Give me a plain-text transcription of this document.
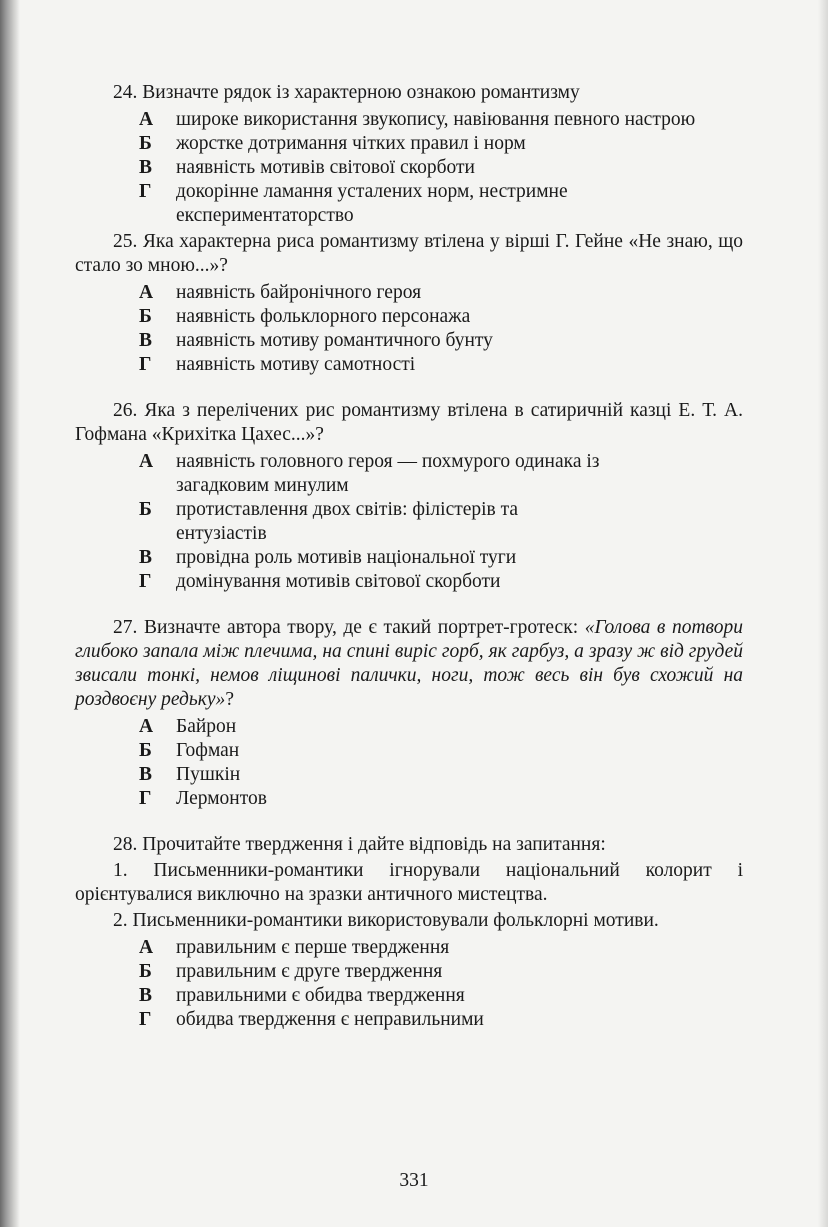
24. Визначте рядок із характерною ознакою романтизму

А	широке використання звукопису, навіювання певного настрою
Б	жорстке дотримання чітких правил і норм
В	наявність мотивів світової скорботи
Г	докорінне ламання усталених норм, нестримне експериментаторство

25. Яка характерна риса романтизму втілена у вірші Г. Гейне «Не знаю, що стало зо мною...»?

А	наявність байронічного героя
Б	наявність фольклорного персонажа
В	наявність мотиву романтичного бунту
Г	наявність мотиву самотності

26. Яка з перелічених рис романтизму втілена в сатиричній казці Е. Т. А. Гофмана «Крихітка Цахес...»?

А	наявність головного героя — похмурого одинака із загадковим минулим
Б	протиставлення двох світів: філістерів та ентузіастів
В	провідна роль мотивів національної туги
Г	домінування мотивів світової скорботи

27. Визначте автора твору, де є такий портрет-гротеск: «Голова в потвори глибоко запала між плечима, на спині виріс горб, як гарбуз, а зразу ж від грудей звисали тонкі, немов ліщинові палички, ноги, тож весь він був схожий на роздвоєну редьку»?

А	Байрон
Б	Гофман
В	Пушкін
Г	Лермонтов

28. Прочитайте твердження і дайте відповідь на запитання:

1. Письменники-романтики ігнорували національний колорит і орієнтувалися виключно на зразки античного мистецтва.

2. Письменники-романтики використовували фольклорні мотиви.

А	правильним є перше твердження
Б	правильним є друге твердження
В	правильними є обидва твердження
Г	обидва твердження є неправильними
331
